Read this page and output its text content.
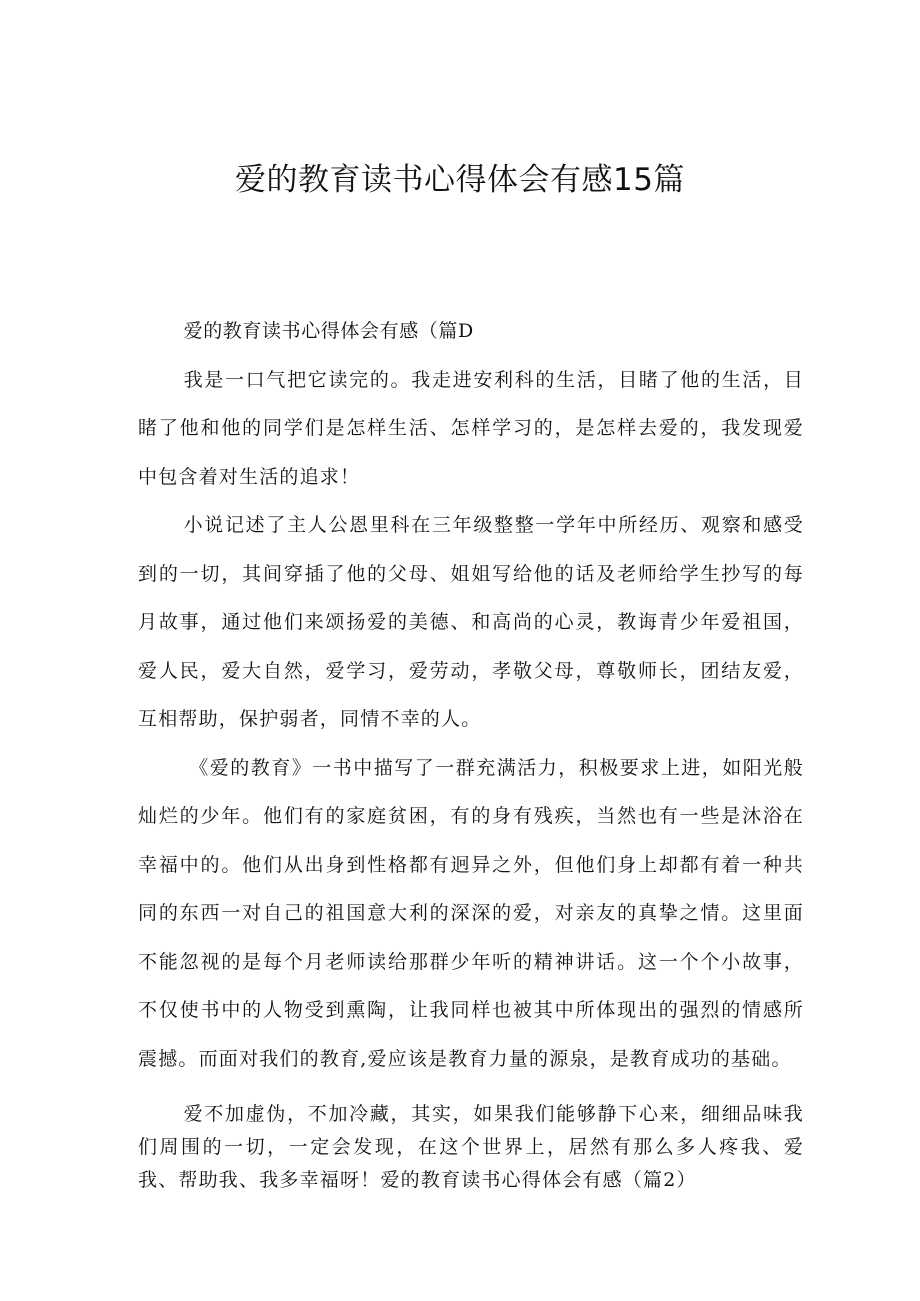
爱的教育读书心得体会有感15篇

爱的教育读书心得体会有感（篇D

我是一口气把它读完的。我走进安利科的生活，目睹了他的生活，目睹了他和他的同学们是怎样生活、怎样学习的，是怎样去爱的，我发现爱中包含着对生活的追求！

小说记述了主人公恩里科在三年级整整一学年中所经历、观察和感受到的一切，其间穿插了他的父母、姐姐写给他的话及老师给学生抄写的每月故事，通过他们来颂扬爱的美德、和高尚的心灵，教诲青少年爱祖国，爱人民，爱大自然，爱学习，爱劳动，孝敬父母，尊敬师长，团结友爱，互相帮助，保护弱者，同情不幸的人。

《爱的教育》一书中描写了一群充满活力，积极要求上进，如阳光般灿烂的少年。他们有的家庭贫困，有的身有残疾，当然也有一些是沐浴在幸福中的。他们从出身到性格都有迥异之外，但他们身上却都有着一种共同的东西一对自己的祖国意大利的深深的爱，对亲友的真挚之情。这里面不能忽视的是每个月老师读给那群少年听的精神讲话。这一个个小故事，不仅使书中的人物受到熏陶，让我同样也被其中所体现出的强烈的情感所震撼。而面对我们的教育,爱应该是教育力量的源泉，是教育成功的基础。

爱不加虚伪，不加冷藏，其实，如果我们能够静下心来，细细品味我们周围的一切，一定会发现，在这个世界上，居然有那么多人疼我、爱我、帮助我、我多幸福呀！爱的教育读书心得体会有感（篇2）
